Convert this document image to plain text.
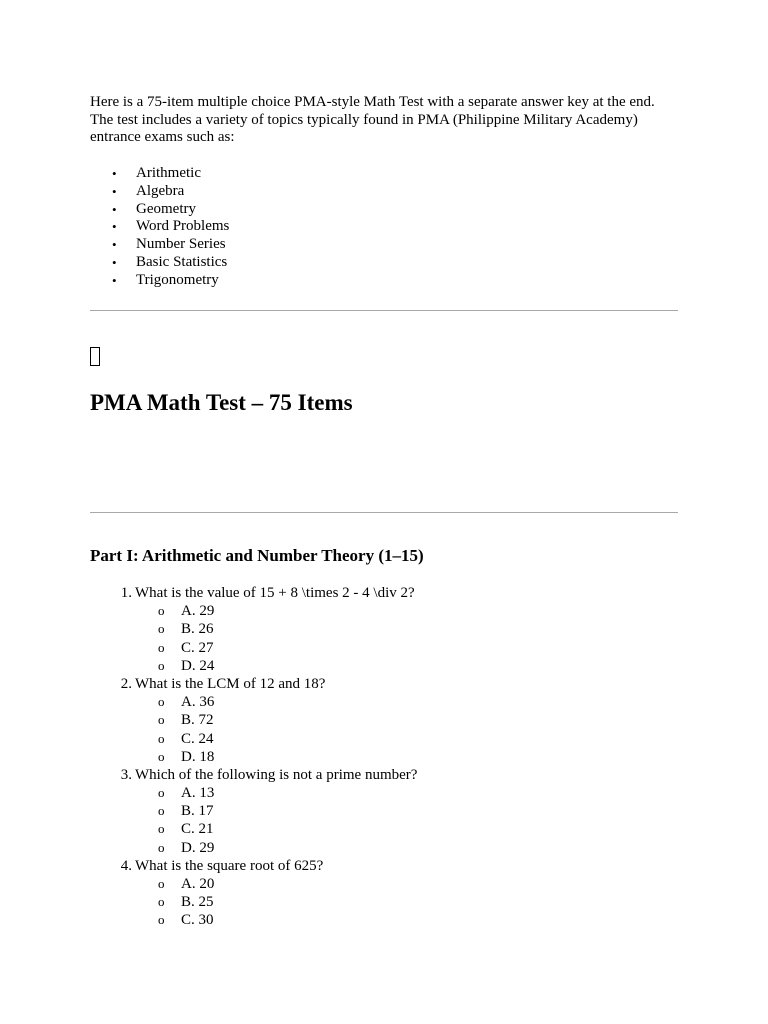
Here is a 75-item multiple choice PMA-style Math Test with a separate answer key at the end.
The test includes a variety of topics typically found in PMA (Philippine Military Academy)
entrance exams such as:
•	Arithmetic
•	Algebra
•	Geometry
•	Word Problems
•	Number Series
•	Basic Statistics
•	Trigonometry
PMA Math Test – 75 Items
Part I: Arithmetic and Number Theory (1–15)
1. What is the value of 15 + 8 \times 2 - 4 \div 2?
o A. 29
o B. 26
o C. 27
o D. 24
2. What is the LCM of 12 and 18?
o A. 36
o B. 72
o C. 24
o D. 18
3. Which of the following is not a prime number?
o A. 13
o B. 17
o C. 21
o D. 29
4. What is the square root of 625?
o A. 20
o B. 25
o C. 30
